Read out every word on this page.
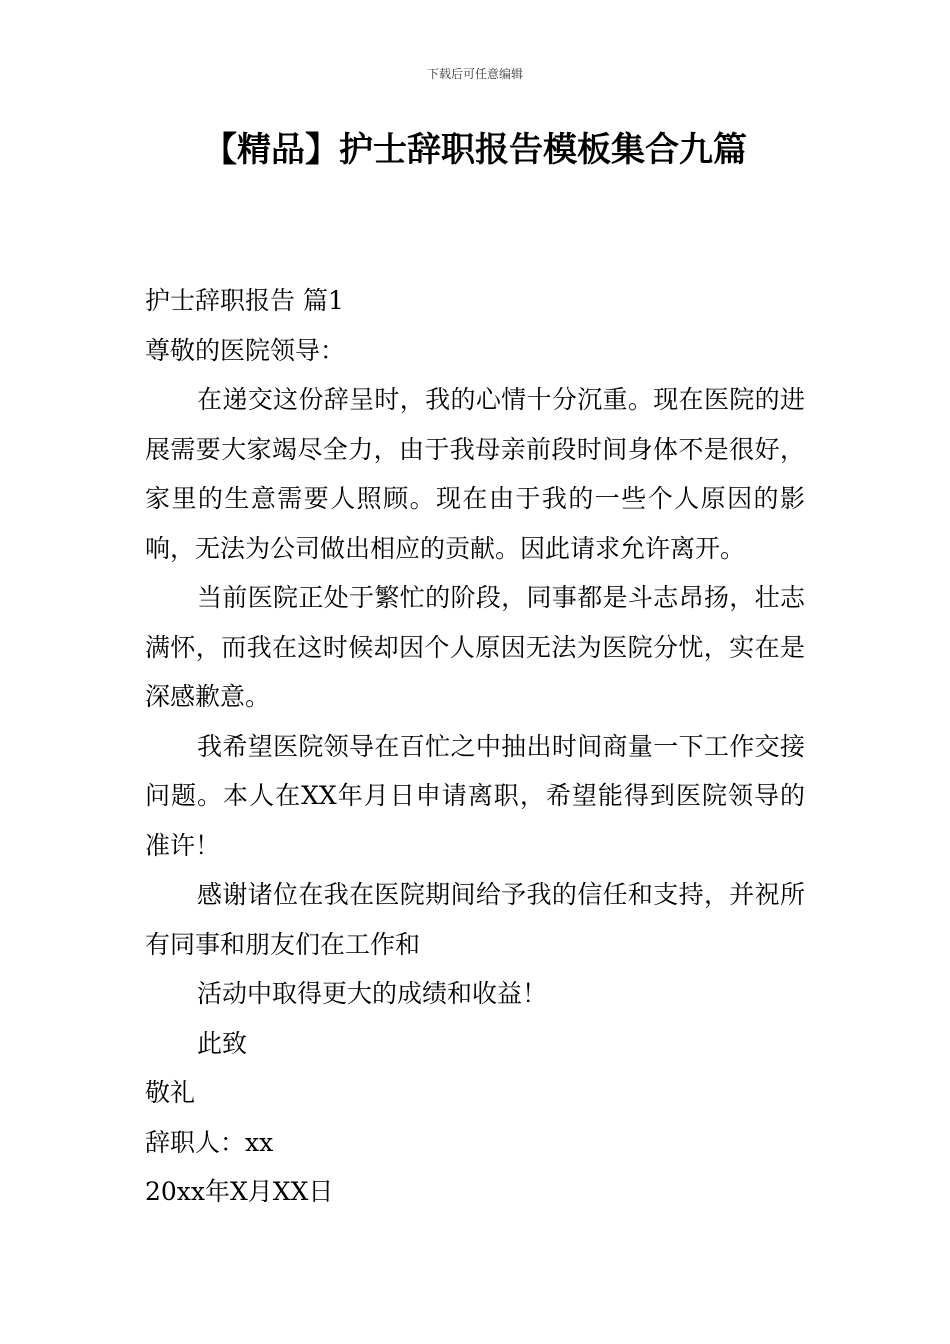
下载后可任意编辑
【精品】护士辞职报告模板集合九篇

护士辞职报告 篇1

尊敬的医院领导：

在递交这份辞呈时，我的心情十分沉重。现在医院的进展需要大家竭尽全力，由于我母亲前段时间身体不是很好，家里的生意需要人照顾。现在由于我的一些个人原因的影响，无法为公司做出相应的贡献。因此请求允许离开。

当前医院正处于繁忙的阶段，同事都是斗志昂扬，壮志满怀，而我在这时候却因个人原因无法为医院分忧，实在是深感歉意。

我希望医院领导在百忙之中抽出时间商量一下工作交接问题。本人在XX年月日申请离职，希望能得到医院领导的准许！

感谢诸位在我在医院期间给予我的信任和支持，并祝所有同事和朋友们在工作和

活动中取得更大的成绩和收益！

此致

敬礼

辞职人：xx

20xx年X月XX日
